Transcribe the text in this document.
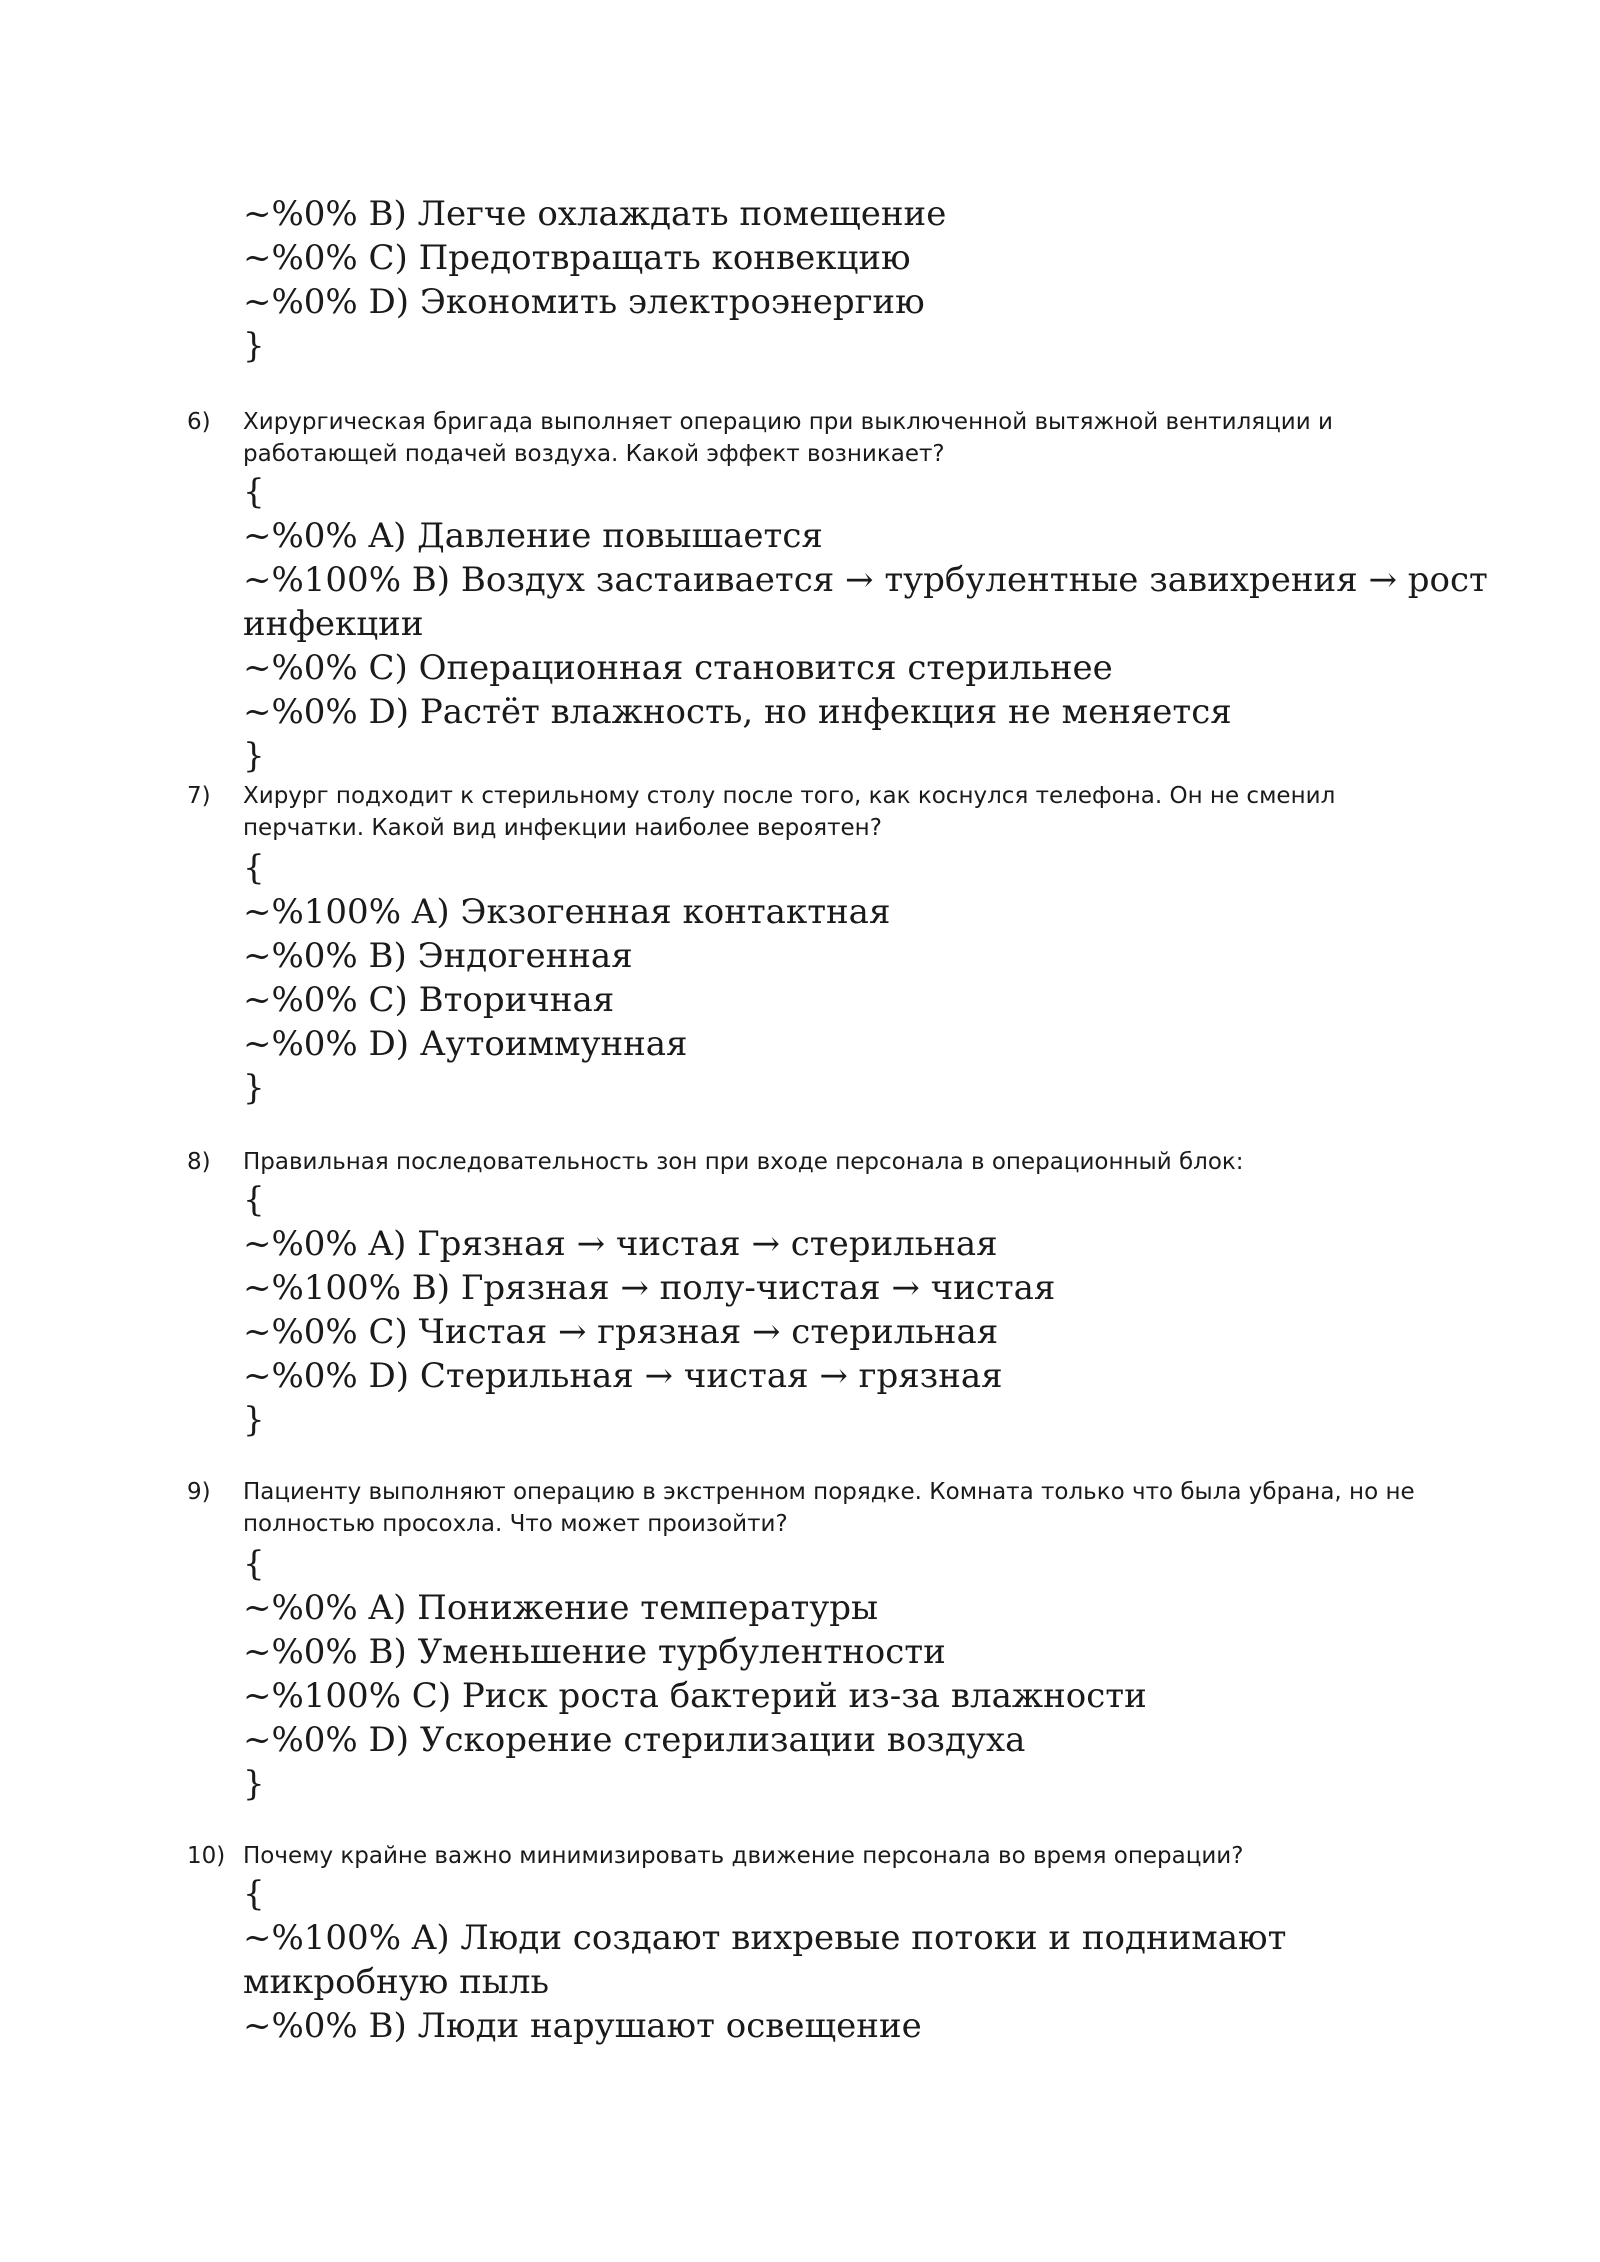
~%0% B) Легче охлаждать помещение
~%0% C) Предотвращать конвекцию
~%0% D) Экономить электроэнергию
}
6) Хирургическая бригада выполняет операцию при выключенной вытяжной вентиляции и
работающей подачей воздуха. Какой эффект возникает?
{
~%0% A) Давление повышается
~%100% B) Воздух застаивается → турбулентные завихрения → рост
инфекции
~%0% C) Операционная становится стерильнее
~%0% D) Растёт влажность, но инфекция не меняется
}
7) Хирург подходит к стерильному столу после того, как коснулся телефона. Он не сменил
перчатки. Какой вид инфекции наиболее вероятен?
{
~%100% A) Экзогенная контактная
~%0% B) Эндогенная
~%0% C) Вторичная
~%0% D) Аутоиммунная
}
8) Правильная последовательность зон при входе персонала в операционный блок:
{
~%0% A) Грязная → чистая → стерильная
~%100% B) Грязная → полу-чистая → чистая
~%0% C) Чистая → грязная → стерильная
~%0% D) Стерильная → чистая → грязная
}
9) Пациенту выполняют операцию в экстренном порядке. Комната только что была убрана, но не
полностью просохла. Что может произойти?
{
~%0% A) Понижение температуры
~%0% B) Уменьшение турбулентности
~%100% C) Риск роста бактерий из-за влажности
~%0% D) Ускорение стерилизации воздуха
}
10) Почему крайне важно минимизировать движение персонала во время операции?
{
~%100% A) Люди создают вихревые потоки и поднимают
микробную пыль
~%0% B) Люди нарушают освещение
